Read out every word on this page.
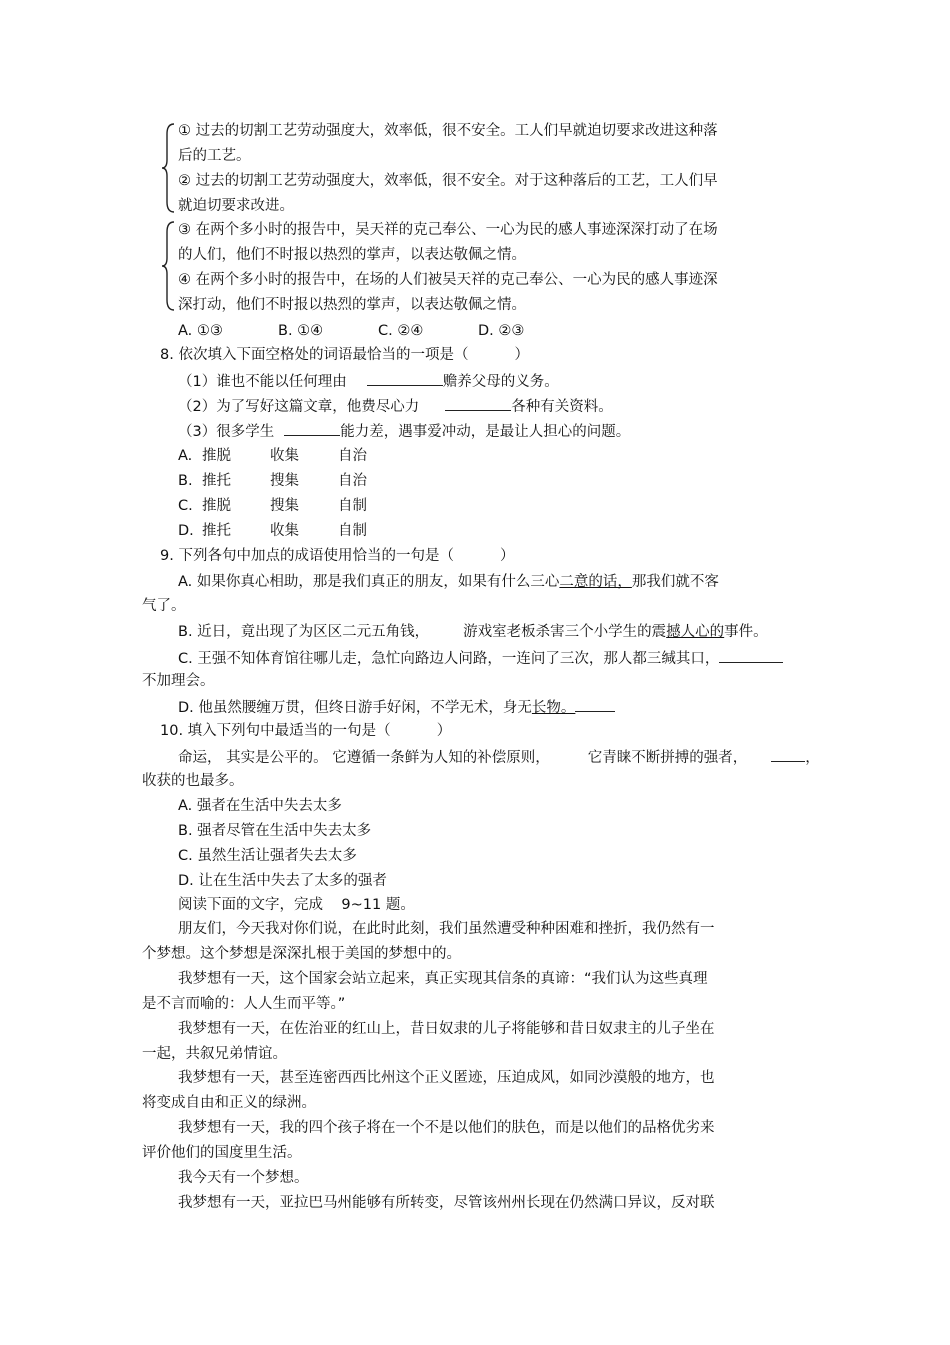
① 过去的切割工艺劳动强度大，效率低，很不安全。工人们早就迫切要求改进这种落
后的工艺。
② 过去的切割工艺劳动强度大，效率低，很不安全。对于这种落后的工艺，工人们早
就迫切要求改进。
③ 在两个多小时的报告中，吴天祥的克己奉公、一心为民的感人事迹深深打动了在场
的人们，他们不时报以热烈的掌声，以表达敬佩之情。
④ 在两个多小时的报告中，在场的人们被吴天祥的克己奉公、一心为民的感人事迹深
深打动，他们不时报以热烈的掌声，以表达敬佩之情。
A. ①③	B. ①④	C. ②④	D. ②③
8. 依次填入下面空格处的词语最恰当的一项是（          ）
（1）谁也不能以任何理由	赡养父母的义务。
（2）为了写好这篇文章，他费尽心力	各种有关资料。
（3）很多学生	能力差，遇事爱冲动，是最让人担心的问题。
A. 推脱	收集	自治
B. 推托	搜集	自治
C. 推脱	搜集	自制
D. 推托	收集	自制
9. 下列各句中加点的成语使用恰当的一句是（          ）
A. 如果你真心相助，那是我们真正的朋友，如果有什么三心二意的话，那我们就不客
气了。
B. 近日，竟出现了为区区二元五角钱， 游戏室老板杀害三个小学生的震撼人心的事件。
C. 王强不知体育馆往哪儿走，急忙向路边人问路，一连问了三次，那人都三缄其口，
不加理会。
D. 他虽然腰缠万贯，但终日游手好闲，不学无术，身无长物。
10. 填入下列句中最适当的一句是（          ）
命运， 其实是公平的。 它遵循一条鲜为人知的补偿原则，	它青睐不断拼搏的强者，	，
收获的也最多。
A. 强者在生活中失去太多
B. 强者尽管在生活中失去太多
C. 虽然生活让强者失去太多
D. 让在生活中失去了太多的强者
阅读下面的文字，完成    9~11 题。
朋友们，今天我对你们说，在此时此刻，我们虽然遭受种种困难和挫折，我仍然有一
个梦想。这个梦想是深深扎根于美国的梦想中的。
我梦想有一天，这个国家会站立起来，真正实现其信条的真谛：“我们认为这些真理
是不言而喻的：人人生而平等。”
我梦想有一天，在佐治亚的红山上，昔日奴隶的儿子将能够和昔日奴隶主的儿子坐在
一起，共叙兄弟情谊。
我梦想有一天，甚至连密西西比州这个正义匿迹，压迫成风，如同沙漠般的地方，也
将变成自由和正义的绿洲。
我梦想有一天，我的四个孩子将在一个不是以他们的肤色，而是以他们的品格优劣来
评价他们的国度里生活。
我今天有一个梦想。
我梦想有一天，亚拉巴马州能够有所转变，尽管该州州长现在仍然满口异议，反对联
